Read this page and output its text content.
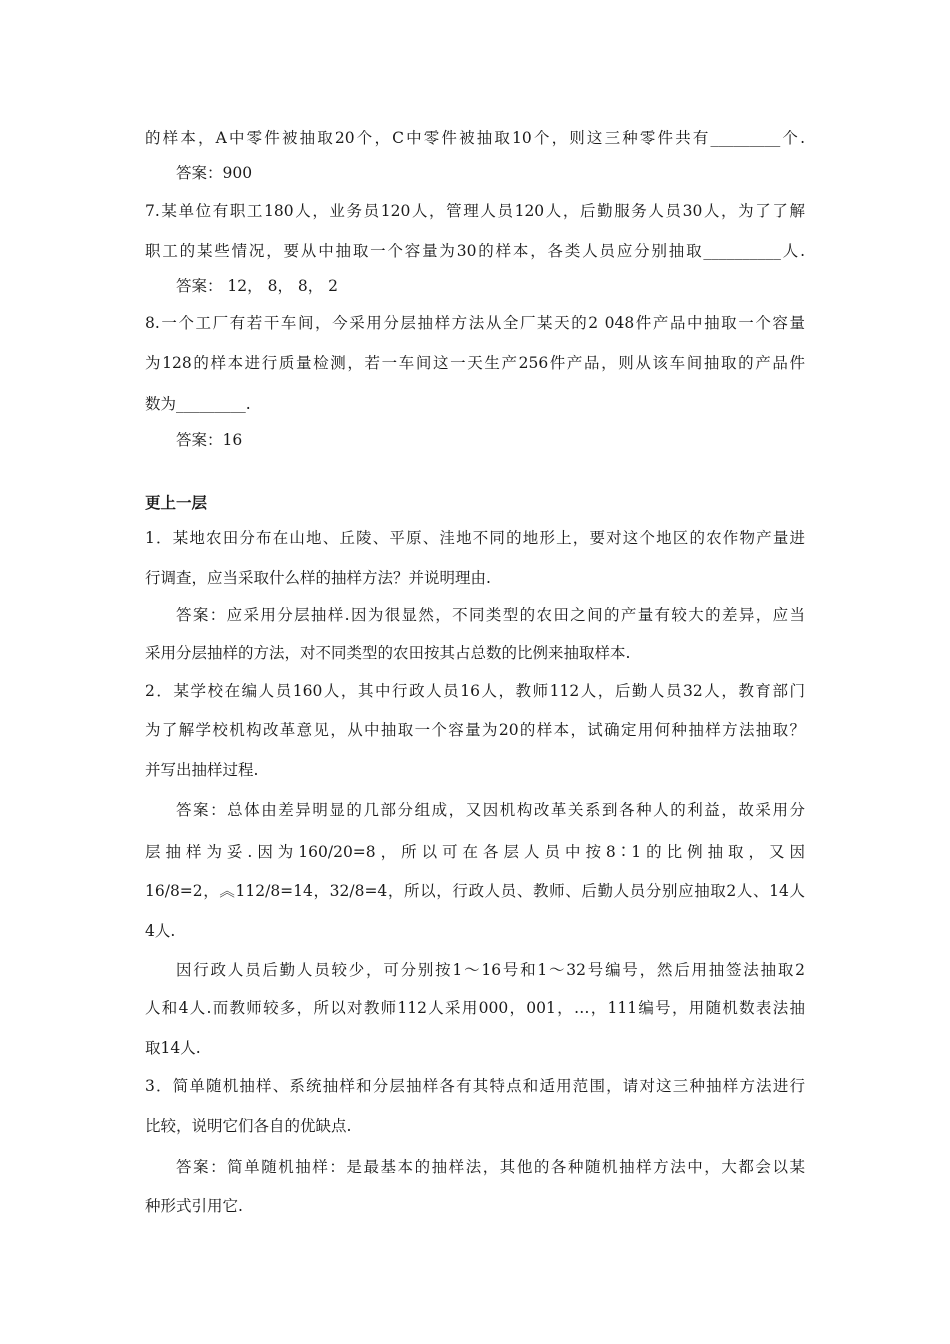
的样本，A中零件被抽取20个，C中零件被抽取10个，则这三种零件共有_________个.
答案：900
7.某单位有职工180人，业务员120人，管理人员120人，后勤服务人员30人，为了了解
职工的某些情况，要从中抽取一个容量为30的样本，各类人员应分别抽取__________人.
答案： 12， 8， 8， 2
8.一个工厂有若干车间，今采用分层抽样方法从全厂某天的2 048件产品中抽取一个容量
为128的样本进行质量检测，若一车间这一天生产256件产品，则从该车间抽取的产品件
数为_________.
答案：16
更上一层
1．某地农田分布在山地、丘陵、平原、洼地不同的地形上，要对这个地区的农作物产量进
行调查，应当采取什么样的抽样方法？并说明理由.
答案：应采用分层抽样.因为很显然，不同类型的农田之间的产量有较大的差异，应当
采用分层抽样的方法，对不同类型的农田按其占总数的比例来抽取样本.
2．某学校在编人员160人，其中行政人员16人，教师112人，后勤人员32人，教育部门
为了解学校机构改革意见，从中抽取一个容量为20的样本，试确定用何种抽样方法抽取？
并写出抽样过程.
答案：总体由差异明显的几部分组成，又因机构改革关系到各种人的利益，故采用分
层抽样为妥.因为160/20=8，所以可在各层人员中按8∶1的比例抽取，又因
16/8=2，︽112/8=14，32/8=4，所以，行政人员、教师、后勤人员分别应抽取2人、14人
4人.
因行政人员后勤人员较少，可分别按1～16号和1～32号编号，然后用抽签法抽取2
人和4人.而教师较多，所以对教师112人采用000，001，…，111编号，用随机数表法抽
取14人.
3．简单随机抽样、系统抽样和分层抽样各有其特点和适用范围，请对这三种抽样方法进行
比较，说明它们各自的优缺点.
答案：简单随机抽样：是最基本的抽样法，其他的各种随机抽样方法中，大都会以某
种形式引用它.
